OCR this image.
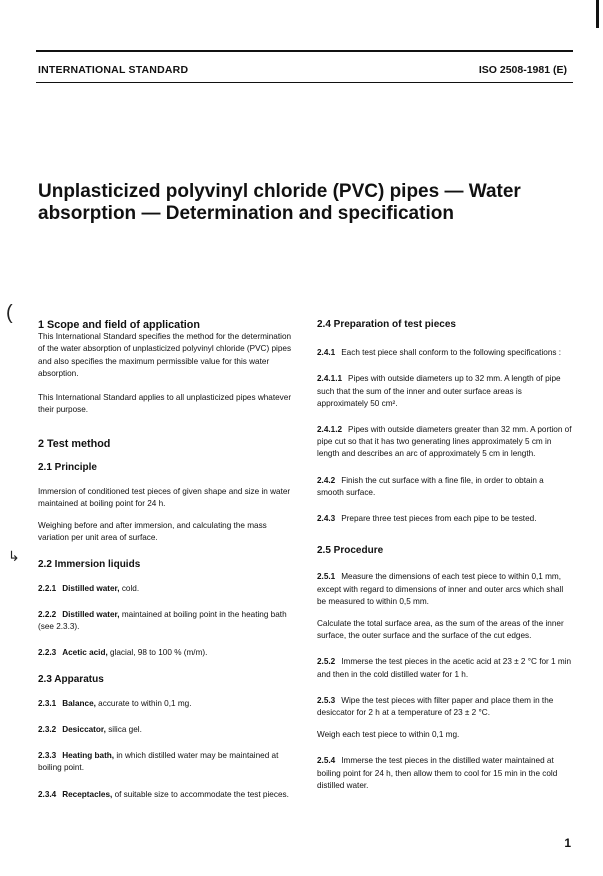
INTERNATIONAL STANDARD	ISO 2508-1981 (E)
Unplasticized polyvinyl chloride (PVC) pipes — Water absorption — Determination and specification
(
↳

1 Scope and field of application

This International Standard specifies the method for the determination of the water absorption of unplasticized polyvinyl chloride (PVC) pipes and also specifies the maximum permissible value for this water absorption.

This International Standard applies to all unplasticized pipes whatever their purpose.

2 Test method

2.1 Principle

Immersion of conditioned test pieces of given shape and size in water maintained at boiling point for 24 h.

Weighing before and after immersion, and calculating the mass variation per unit area of surface.

2.2 Immersion liquids

2.2.1 Distilled water, cold.

2.2.2 Distilled water, maintained at boiling point in the heating bath (see 2.3.3).

2.2.3 Acetic acid, glacial, 98 to 100 % (m/m).

2.3 Apparatus

2.3.1 Balance, accurate to within 0,1 mg.

2.3.2 Desiccator, silica gel.

2.3.3 Heating bath, in which distilled water may be maintained at boiling point.

2.3.4 Receptacles, of suitable size to accommodate the test pieces.

2.4 Preparation of test pieces

2.4.1 Each test piece shall conform to the following specifications :

2.4.1.1 Pipes with outside diameters up to 32 mm. A length of pipe such that the sum of the inner and outer surface areas is approximately 50 cm².

2.4.1.2 Pipes with outside diameters greater than 32 mm. A portion of pipe cut so that it has two generating lines approximately 5 cm in length and describes an arc of approximately 5 cm in length.

2.4.2 Finish the cut surface with a fine file, in order to obtain a smooth surface.

2.4.3 Prepare three test pieces from each pipe to be tested.

2.5 Procedure

2.5.1 Measure the dimensions of each test piece to within 0,1 mm, except with regard to dimensions of inner and outer arcs which shall be measured to within 0,5 mm.

Calculate the total surface area, as the sum of the areas of the inner surface, the outer surface and the surface of the cut edges.

2.5.2 Immerse the test pieces in the acetic acid at 23 ± 2 °C for 1 min and then in the cold distilled water for 1 h.

2.5.3 Wipe the test pieces with filter paper and place them in the desiccator for 2 h at a temperature of 23 ± 2 °C.

Weigh each test piece to within 0,1 mg.

2.5.4 Immerse the test pieces in the distilled water maintained at boiling point for 24 h, then allow them to cool for 15 min in the cold distilled water.

1
